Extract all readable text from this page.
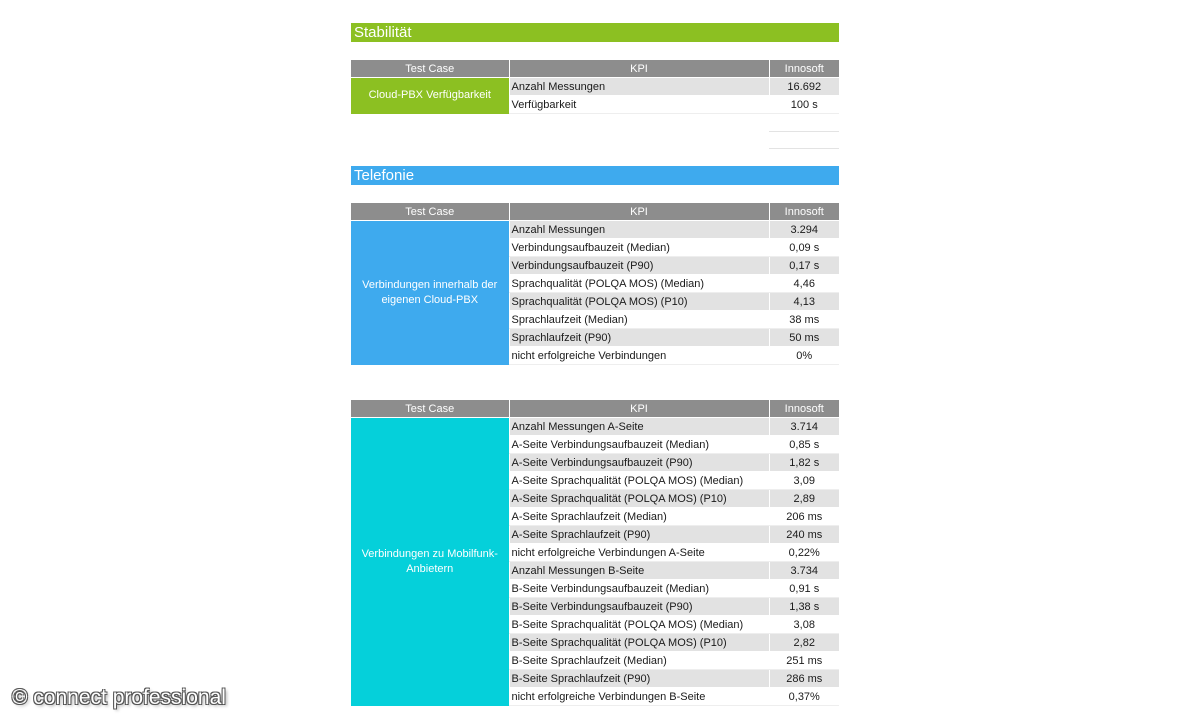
Stabilität
Test Case	KPI	Innosoft
Cloud-PBX Verfügbarkeit	Anzahl Messungen	16.692
	Verfügbarkeit	100 s
Telefonie
Test Case	KPI	Innosoft
Verbindungen innerhalb der eigenen Cloud-PBX	Anzahl Messungen	3.294
	Verbindungsaufbauzeit (Median)	0,09 s
	Verbindungsaufbauzeit (P90)	0,17 s
	Sprachqualität (POLQA MOS) (Median)	4,46
	Sprachqualität (POLQA MOS) (P10)	4,13
	Sprachlaufzeit (Median)	38 ms
	Sprachlaufzeit (P90)	50 ms
	nicht erfolgreiche Verbindungen	0%
Test Case	KPI	Innosoft
Verbindungen zu Mobilfunk-Anbietern	Anzahl Messungen A-Seite	3.714
	A-Seite Verbindungsaufbauzeit (Median)	0,85 s
	A-Seite Verbindungsaufbauzeit (P90)	1,82 s
	A-Seite Sprachqualität (POLQA MOS) (Median)	3,09
	A-Seite Sprachqualität (POLQA MOS) (P10)	2,89
	A-Seite Sprachlaufzeit (Median)	206 ms
	A-Seite Sprachlaufzeit (P90)	240 ms
	nicht erfolgreiche Verbindungen A-Seite	0,22%
	Anzahl Messungen B-Seite	3.734
	B-Seite Verbindungsaufbauzeit (Median)	0,91 s
	B-Seite Verbindungsaufbauzeit (P90)	1,38 s
	B-Seite Sprachqualität (POLQA MOS) (Median)	3,08
	B-Seite Sprachqualität (POLQA MOS) (P10)	2,82
	B-Seite Sprachlaufzeit (Median)	251 ms
	B-Seite Sprachlaufzeit (P90)	286 ms
	nicht erfolgreiche Verbindungen B-Seite	0,37%
© connect professional
